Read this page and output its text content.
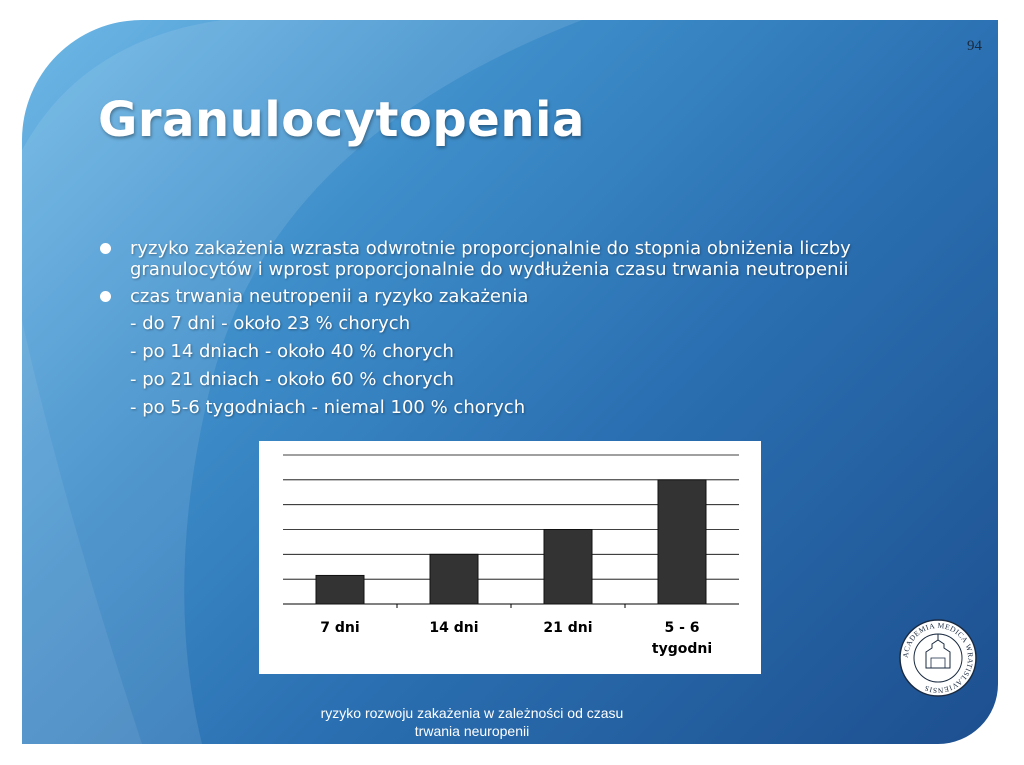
94
Granulocytopenia
ryzyko zakażenia wzrasta odwrotnie proporcjonalnie do stopnia obniżenia liczby granulocytów i wprost proporcjonalnie do wydłużenia czasu trwania neutropenii
czas trwania neutropenii a ryzyko zakażenia
- do 7 dni - około 23 % chorych
- po 14 dniach - około 40 % chorych
- po 21 dniach - około 60 % chorych
- po 5-6 tygodniach - niemal 100 % chorych
7 dni	14 dni	21 dni	5 - 6 tygodni
ryzyko rozwoju zakażenia w zależności od czasu
trwania neuropenii
ACADEMIA MEDICA WRATISLAVIENSIS
